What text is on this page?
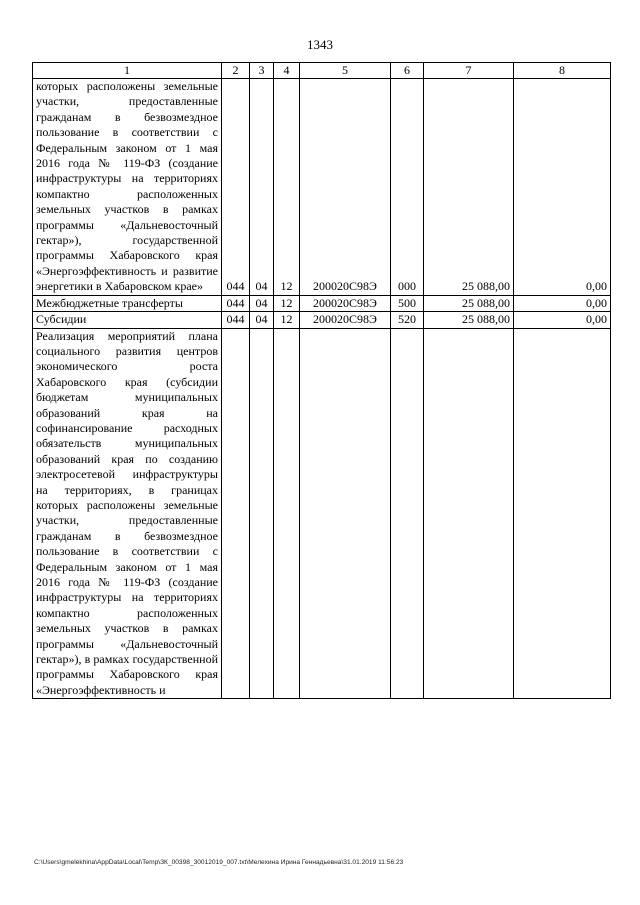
1343
1	2	3	4	5	6	7	8
которых расположены земельные участки, предоставленные гражданам в безвозмездное пользование в соответствии с Федеральным законом от 1 мая 2016 года № 119-ФЗ (создание инфраструктуры на территориях компактно расположенных земельных участков в рамках программы «Дальневосточный гектар»), государственной программы Хабаровского края «Энергоэффективность и развитие энергетики в Хабаровском крае»	044	04	12	200020С98Э	000	25 088,00	0,00
Межбюджетные трансферты	044	04	12	200020С98Э	500	25 088,00	0,00
Субсидии	044	04	12	200020С98Э	520	25 088,00	0,00
Реализация мероприятий плана социального развития центров экономического роста Хабаровского края (субсидии бюджетам муниципальных образований края на софинансирование расходных обязательств муниципальных образований края по созданию электросетевой инфраструктуры на территориях, в границах которых расположены земельные участки, предоставленные гражданам в безвозмездное пользование в соответствии с Федеральным законом от 1 мая 2016 года № 119-ФЗ (создание инфраструктуры на территориях компактно расположенных земельных участков в рамках программы «Дальневосточный гектар»), в рамках государственной программы Хабаровского края «Энергоэффективность и							
C:\Users\gmelekhina\AppData\Local\Temp\ЗК_00398_30012019_007.txt\Мелехина Ирина Геннадьевна\31.01.2019 11:56:23
